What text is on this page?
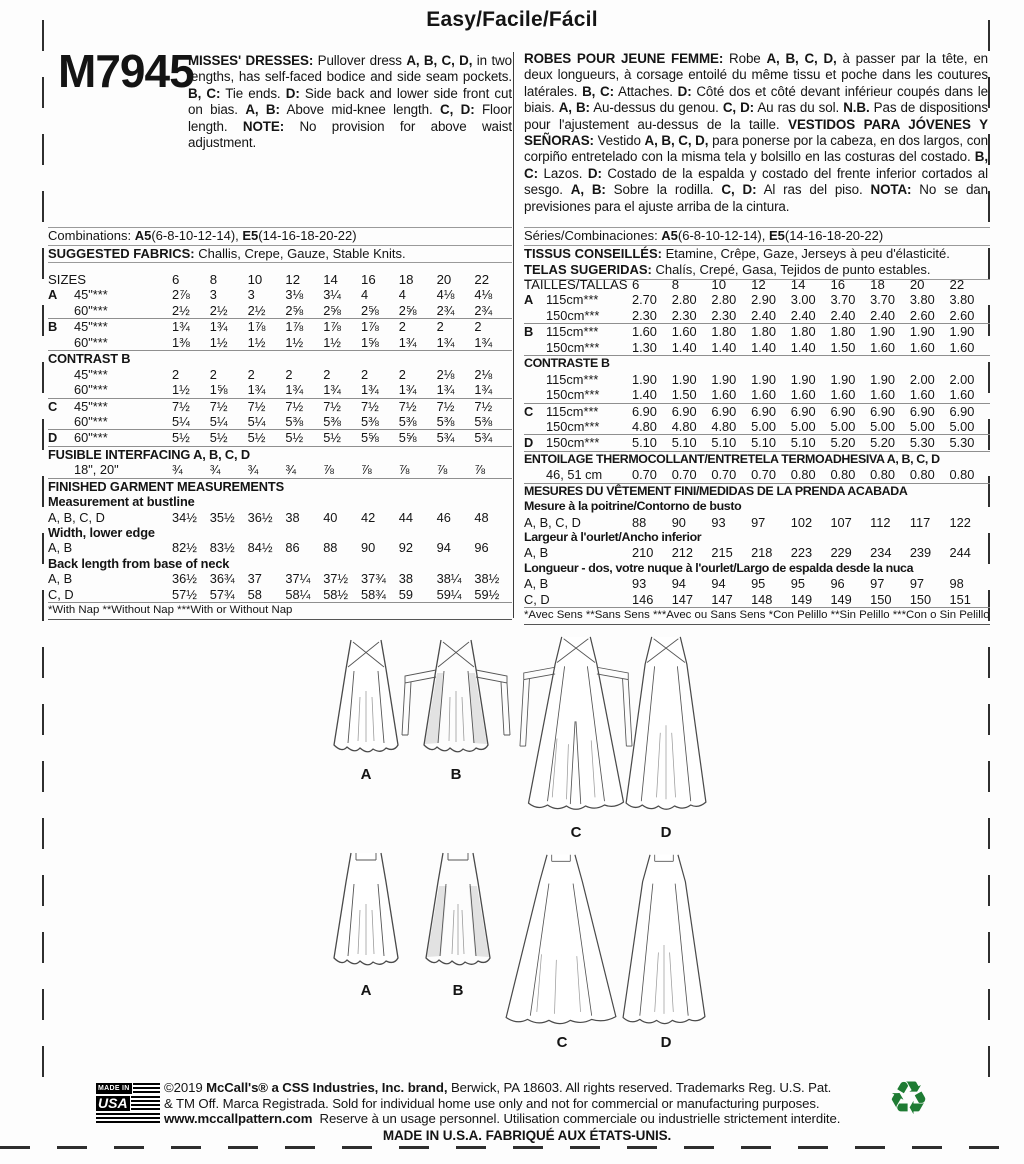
Easy/Facile/Fácil
M7945
MISSES' DRESSES: Pullover dress A, B, C, D, in two lengths, has self-faced bodice and side seam pockets. B, C: Tie ends. D: Side back and lower side front cut on bias. A, B: Above mid-knee length. C, D: Floor length. NOTE: No provision for above waist adjustment.
ROBES POUR JEUNE FEMME: Robe A, B, C, D, à passer par la tête, en deux longueurs, à corsage entoilé du même tissu et poche dans les coutures latérales. B, C: Attaches. D: Côté dos et côté devant inférieur coupés dans le biais. A, B: Au-dessus du genou. C, D: Au ras du sol. N.B. Pas de dispositions pour l'ajustement au-dessus de la taille. VESTIDOS PARA JÓVENES Y SEÑORAS: Vestido A, B, C, D, para ponerse por la cabeza, en dos largos, con corpiño entretelado con la misma tela y bolsillo en las costuras del costado. B, C: Lazos. D: Costado de la espalda y costado del frente inferior cortados al sesgo. A, B: Sobre la rodilla. C, D: Al ras del piso. NOTA: No se dan previsiones para el ajuste arriba de la cintura.
Combinations: A5(6-8-10-12-14), E5(14-16-18-20-22)
SUGGESTED FABRICS: Challis, Crepe, Gauze, Stable Knits.
Séries/Combinaciones: A5(6-8-10-12-14), E5(14-16-18-20-22)
TISSUS CONSEILLÉS: Etamine, Crêpe, Gaze, Jerseys à peu d'élasticité.
TELAS SUGERIDAS: Chalís, Crepé, Gasa, Tejidos de punto estables.
SIZES	6	8	10	12	14	16	18	20	22
A	45"***	2⅞	3	3	3⅛	3¼	4	4	4⅛	4⅛
60"***	2½	2½	2½	2⅝	2⅝	2⅝	2⅝	2¾	2¾
B	45"***	1¾	1¾	1⅞	1⅞	1⅞	1⅞	2	2	2
60"***	1⅜	1½	1½	1½	1½	1⅝	1¾	1¾	1¾
CONTRAST B
45"***	2	2	2	2	2	2	2	2⅛	2⅛
60"***	1½	1⅝	1¾	1¾	1¾	1¾	1¾	1¾	1¾
C	45"***	7½	7½	7½	7½	7½	7½	7½	7½	7½
60"***	5¼	5¼	5¼	5⅜	5⅜	5⅜	5⅜	5⅜	5⅜
D	60"***	5½	5½	5½	5½	5½	5⅝	5⅝	5¾	5¾
FUSIBLE INTERFACING A, B, C, D
18", 20"	¾	¾	¾	¾	⅞	⅞	⅞	⅞	⅞
FINISHED GARMENT MEASUREMENTS
Measurement at bustline
A, B, C, D	34½	35½	36½	38	40	42	44	46	48
Width, lower edge
A, B	82½	83½	84½	86	88	90	92	94	96
Back length from base of neck
A, B	36½	36¾	37	37¼	37½	37¾	38	38¼	38½
C, D	57½	57¾	58	58¼	58½	58¾	59	59¼	59½
*With Nap **Without Nap ***With or Without Nap
TAILLES/TALLAS 6	8	10	12	14	16	18	20	22
A 115cm***	2.70	2.80	2.80	2.90	3.00	3.70	3.70	3.80	3.80
150cm***	2.30	2.30	2.30	2.40	2.40	2.40	2.40	2.60	2.60
B 115cm***	1.60	1.60	1.80	1.80	1.80	1.80	1.90	1.90	1.90
150cm***	1.30	1.40	1.40	1.40	1.40	1.50	1.60	1.60	1.60
CONTRASTE B
115cm***	1.90	1.90	1.90	1.90	1.90	1.90	1.90	2.00	2.00
150cm***	1.40	1.50	1.60	1.60	1.60	1.60	1.60	1.60	1.60
C 115cm***	6.90	6.90	6.90	6.90	6.90	6.90	6.90	6.90	6.90
150cm***	4.80	4.80	4.80	5.00	5.00	5.00	5.00	5.00	5.00
D 150cm***	5.10	5.10	5.10	5.10	5.10	5.20	5.20	5.30	5.30
ENTOILAGE THERMOCOLLANT/ENTRETELA TERMOADHESIVA A, B, C, D
46, 51 cm	0.70	0.70	0.70	0.70	0.80	0.80	0.80	0.80	0.80
MESURES DU VÊTEMENT FINI/MEDIDAS DE LA PRENDA ACABADA
Mesure à la poitrine/Contorno de busto
A, B, C, D	88	90	93	97	102	107	112	117	122
Largeur à l'ourlet/Ancho inferior
A, B	210	212	215	218	223	229	234	239	244
Longueur - dos, votre nuque à l'ourlet/Largo de espalda desde la nuca
A, B	93	94	94	95	95	96	97	97	98
C, D	146	147	147	148	149	149	150	150	151
*Avec Sens **Sans Sens ***Avec ou Sans Sens *Con Pelillo **Sin Pelillo ***Con o Sin Pelillo
A	B
C	D
A	B
C	D
MADE IN
USA
©2019 McCall's® a CSS Industries, Inc. brand, Berwick, PA 18603. All rights reserved. Trademarks Reg. U.S. Pat.
& TM Off. Marca Registrada. Sold for individual home use only and not for commercial or manufacturing purposes.
www.mccallpattern.com  Reserve à un usage personnel. Utilisation commerciale ou industrielle strictement interdite.
MADE IN U.S.A. FABRIQUÉ AUX ÉTATS-UNIS.
♻
